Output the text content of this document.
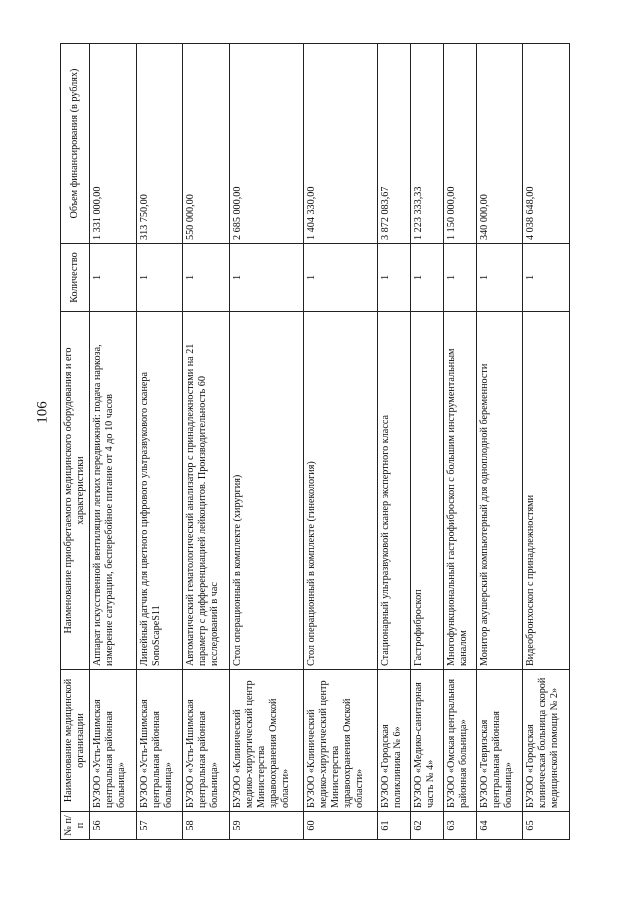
106
№ п/п	Наименование медицинской организации	Наименование приобретаемого медицинского оборудования и его характеристики	Количество	Объем финансирования (в рублях)
56	БУЗОО «Усть-Ишимская центральная районная больница»	Аппарат искусственной вентиляции легких передвижной: подача наркоза, измерение сатурации, бесперебойное питание от 4 до 10 часов	1	1 331 000,00
57	БУЗОО «Усть-Ишимская центральная районная больница»	Линейный датчик для цветного цифрового ультразвукового сканера SonoScapeS11	1	313 750,00
58	БУЗОО «Усть-Ишимская центральная районная больница»	Автоматический гематологический анализатор с принадлежностями на 21 параметр с дифференциацией лейкоцитов. Производительность 60 исследований в час	1	550 000,00
59	БУЗОО «Клинический медико-хирургический центр Министерства здравоохранения Омской области»	Стол операционный в комплекте (хирургия)	1	2 685 000,00
60	БУЗОО «Клинический медико-хирургический центр Министерства здравоохранения Омской области»	Стол операционный в комплекте (гинекология)	1	1 404 330,00
61	БУЗОО «Городская поликлиника № 6»	Стационарный ультразвуковой сканер экспертного класса	1	3 872 083,67
62	БУЗОО «Медико-санитарная часть № 4»	Гастрофиброскоп	1	1 223 333,33
63	БУЗОО «Омская центральная районная больница»	Многофункциональный гастрофиброскоп с большим инструментальным каналом	1	1 150 000,00
64	БУЗОО «Тевризская центральная районная больница»	Монитор акушерский компьютерный для одноплодной беременности	1	340 000,00
65	БУЗОО «Городская клиническая больница скорой медицинской помощи № 2»	Видеобронхоскоп с принадлежностями	1	4 038 648,00
